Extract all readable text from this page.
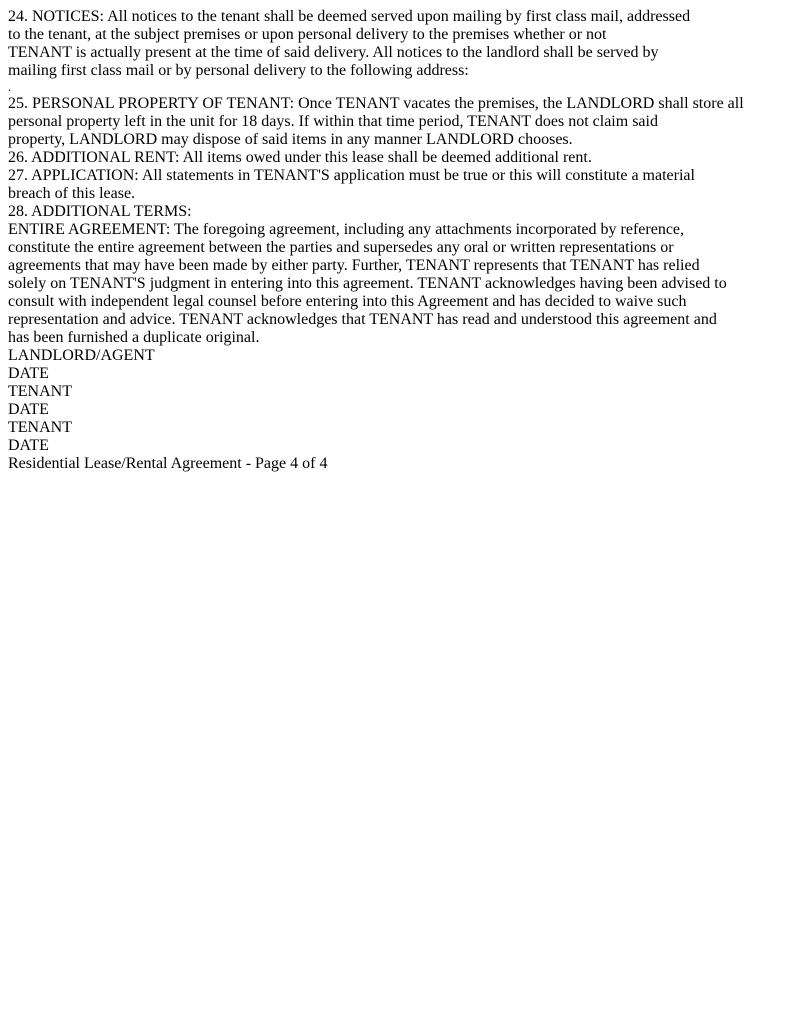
24. NOTICES: All notices to the tenant shall be deemed served upon mailing by first class mail, addressed
to the tenant, at the subject premises or upon personal delivery to the premises whether or not
TENANT is actually present at the time of said delivery. All notices to the landlord shall be served by
mailing first class mail or by personal delivery to the following address:
.
25. PERSONAL PROPERTY OF TENANT: Once TENANT vacates the premises, the LANDLORD shall store all
personal property left in the unit for 18 days. If within that time period, TENANT does not claim said
property, LANDLORD may dispose of said items in any manner LANDLORD chooses.
26. ADDITIONAL RENT: All items owed under this lease shall be deemed additional rent.
27. APPLICATION: All statements in TENANT'S application must be true or this will constitute a material
breach of this lease.
28. ADDITIONAL TERMS:
ENTIRE AGREEMENT: The foregoing agreement, including any attachments incorporated by reference,
constitute the entire agreement between the parties and supersedes any oral or written representations or
agreements that may have been made by either party. Further, TENANT represents that TENANT has relied
solely on TENANT'S judgment in entering into this agreement. TENANT acknowledges having been advised to
consult with independent legal counsel before entering into this Agreement and has decided to waive such
representation and advice. TENANT acknowledges that TENANT has read and understood this agreement and
has been furnished a duplicate original.
LANDLORD/AGENT
DATE
TENANT
DATE
TENANT
DATE
Residential Lease/Rental Agreement - Page 4 of 4
